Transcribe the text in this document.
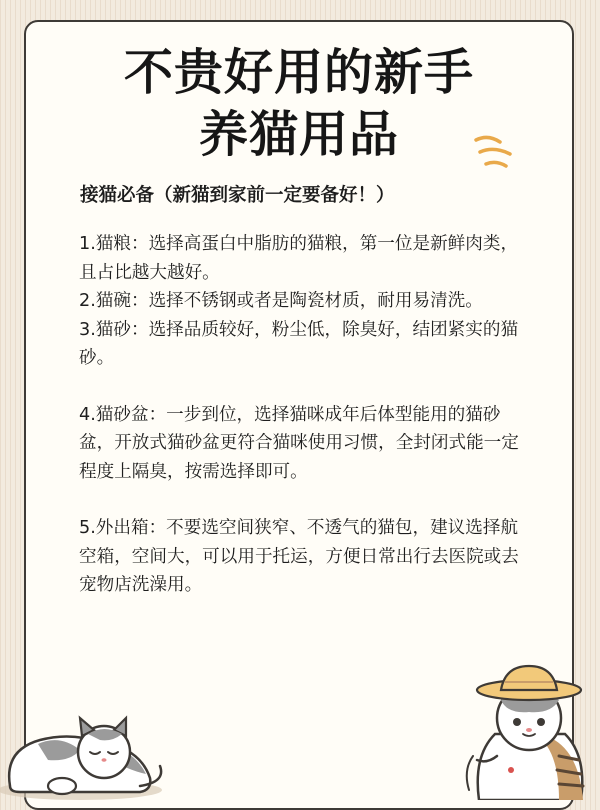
不贵好用的新手
养猫用品

接猫必备（新猫到家前一定要备好！）

1.猫粮：选择高蛋白中脂肪的猫粮，第一位是新鲜肉类，且占比越大越好。

2.猫碗：选择不锈钢或者是陶瓷材质，耐用易清洗。

3.猫砂：选择品质较好，粉尘低，除臭好，结团紧实的猫砂。

4.猫砂盆：一步到位，选择猫咪成年后体型能用的猫砂盆，开放式猫砂盆更符合猫咪使用习惯，全封闭式能一定程度上隔臭，按需选择即可。

5.外出箱：不要选空间狭窄、不透气的猫包，建议选择航空箱，空间大，可以用于托运，方便日常出行去医院或去宠物店洗澡用。
